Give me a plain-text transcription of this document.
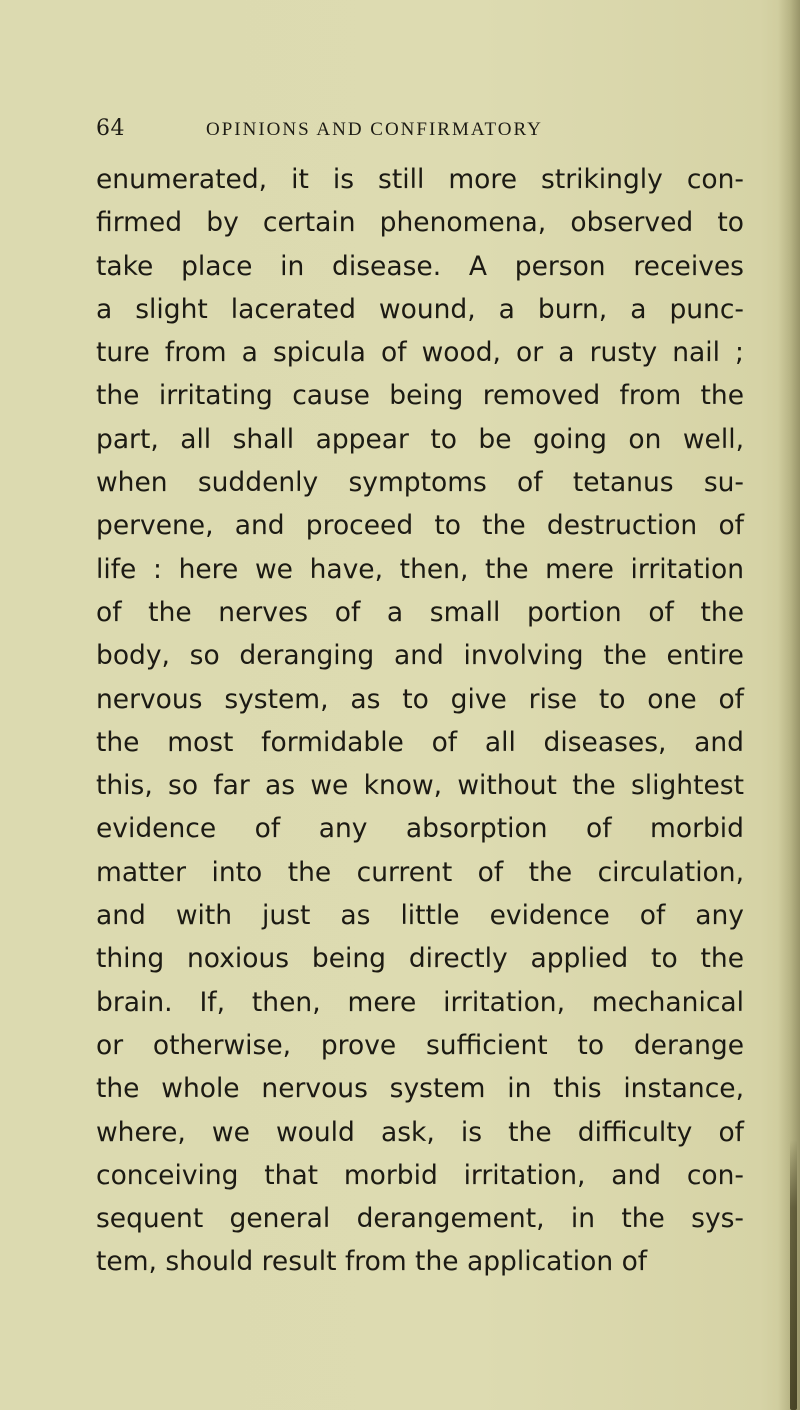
64	OPINIONS AND CONFIRMATORY
enumerated, it is still more strikingly con-
firmed by certain phenomena, observed to
take place in disease. A person receives
a slight lacerated wound, a burn, a punc-
ture from a spicula of wood, or a rusty nail ;
the irritating cause being removed from the
part, all shall appear to be going on well,
when suddenly symptoms of tetanus su-
pervene, and proceed to the destruction of
life : here we have, then, the mere irritation
of the nerves of a small portion of the
body, so deranging and involving the entire
nervous system, as to give rise to one of
the most formidable of all diseases, and
this, so far as we know, without the slightest
evidence of any absorption of morbid
matter into the current of the circulation,
and with just as little evidence of any
thing noxious being directly applied to the
brain. If, then, mere irritation, mechanical
or otherwise, prove sufficient to derange
the whole nervous system in this instance,
where, we would ask, is the difficulty of
conceiving that morbid irritation, and con-
sequent general derangement, in the sys-
tem, should result from the application of
